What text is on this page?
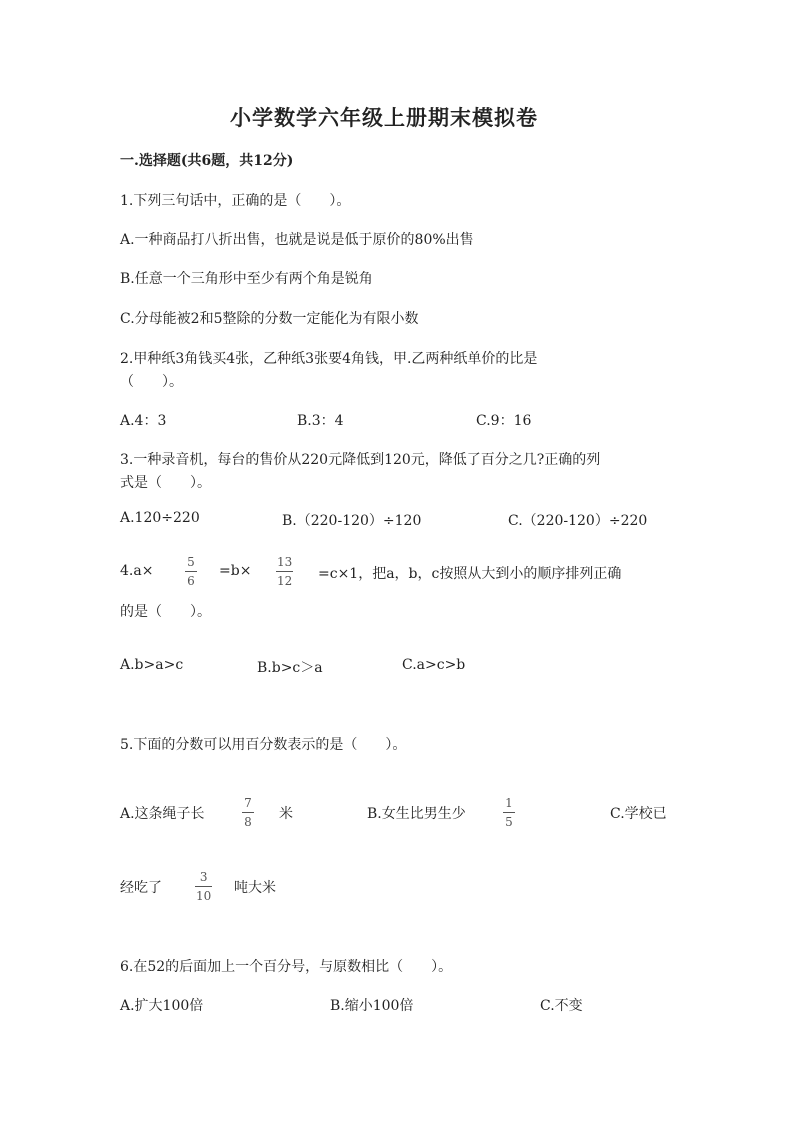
小学数学六年级上册期末模拟卷
一.选择题(共6题，共12分)
1.下列三句话中，正确的是（　　）。
A.一种商品打八折出售，也就是说是低于原价的80%出售
B.任意一个三角形中至少有两个角是锐角
C.分母能被2和5整除的分数一定能化为有限小数
2.甲种纸3角钱买4张，乙种纸3张要4角钱，甲.乙两种纸单价的比是
（　　）。
A.4：3	B.3：4	C.9：16
3.一种录音机，每台的售价从220元降低到120元，降低了百分之几?正确的列
式是（　　）。
A.120÷220	B.（220-120）÷120	C.（220-120）÷220
4.a×
5
6
=b×
13
12 =c×1，把a，b，c按照从大到小的顺序排列正确
的是（　　）。
A.b>a>c	B.b>c＞a	C.a>c>b
5.下面的分数可以用百分数表示的是（　　）。
A.这条绳子长
7
8 米	B.女生比男生少
1
5	C.学校已
经吃了
3
10 吨大米
6.在52的后面加上一个百分号，与原数相比（　　）。
A.扩大100倍	B.缩小100倍	C.不变
